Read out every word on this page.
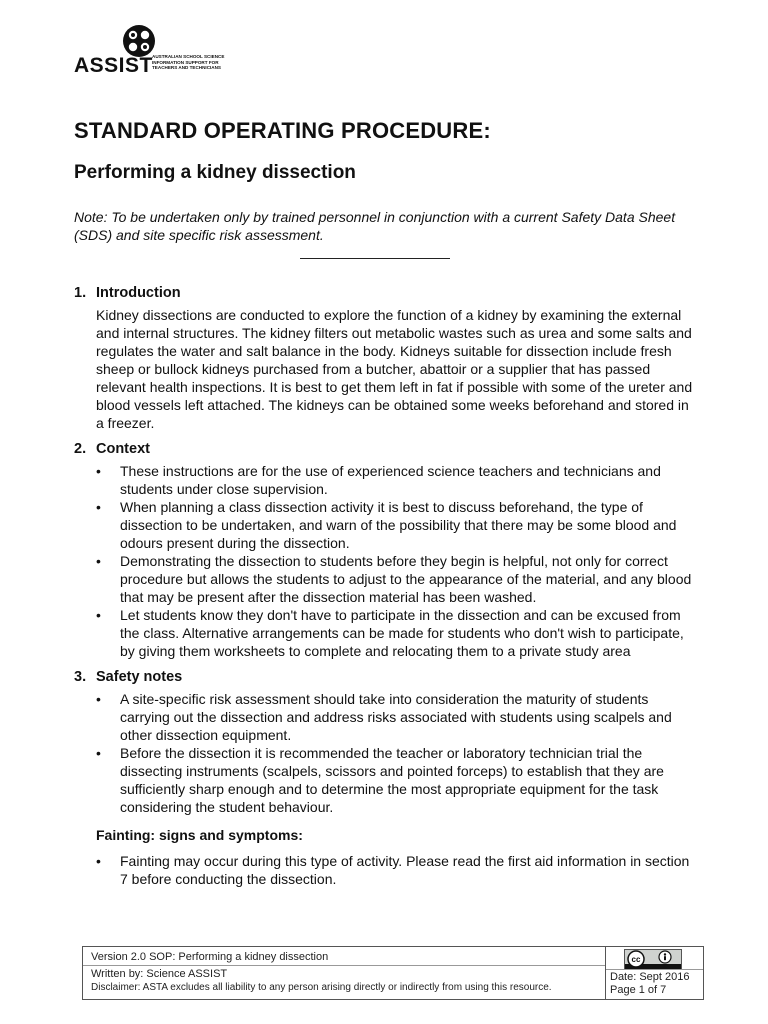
ASSIST AUSTRALIAN SCHOOL SCIENCE
INFORMATION SUPPORT FOR
TEACHERS AND TECHNICIANS
STANDARD OPERATING PROCEDURE:
Performing a kidney dissection

Note: To be undertaken only by trained personnel in conjunction with a current Safety Data Sheet (SDS) and site specific risk assessment.

1. Introduction

Kidney dissections are conducted to explore the function of a kidney by examining the external and internal structures. The kidney filters out metabolic wastes such as urea and some salts and regulates the water and salt balance in the body. Kidneys suitable for dissection include fresh sheep or bullock kidneys purchased from a butcher, abattoir or a supplier that has passed relevant health inspections. It is best to get them left in fat if possible with some of the ureter and blood vessels left attached. The kidneys can be obtained some weeks beforehand and stored in a freezer.

2. Context
• These instructions are for the use of experienced science teachers and technicians and students under close supervision.
• When planning a class dissection activity it is best to discuss beforehand, the type of dissection to be undertaken, and warn of the possibility that there may be some blood and odours present during the dissection.
• Demonstrating the dissection to students before they begin is helpful, not only for correct procedure but allows the students to adjust to the appearance of the material, and any blood that may be present after the dissection material has been washed.
• Let students know they don't have to participate in the dissection and can be excused from the class. Alternative arrangements can be made for students who don't wish to participate, by giving them worksheets to complete and relocating them to a private study area
3. Safety notes
• A site-specific risk assessment should take into consideration the maturity of students carrying out the dissection and address risks associated with students using scalpels and other dissection equipment.
• Before the dissection it is recommended the teacher or laboratory technician trial the dissecting instruments (scalpels, scissors and pointed forceps) to establish that they are sufficiently sharp enough and to determine the most appropriate equipment for the task considering the student behaviour.
Fainting: signs and symptoms:
• Fainting may occur during this type of activity. Please read the first aid information in section 7 before conducting the dissection.
Version 2.0 SOP: Performing a kidney dissection
Written by: Science ASSIST
Disclaimer: ASTA excludes all liability to any person arising directly or indirectly from using this resource.
cc
Date: Sept 2016
Page 1 of 7
